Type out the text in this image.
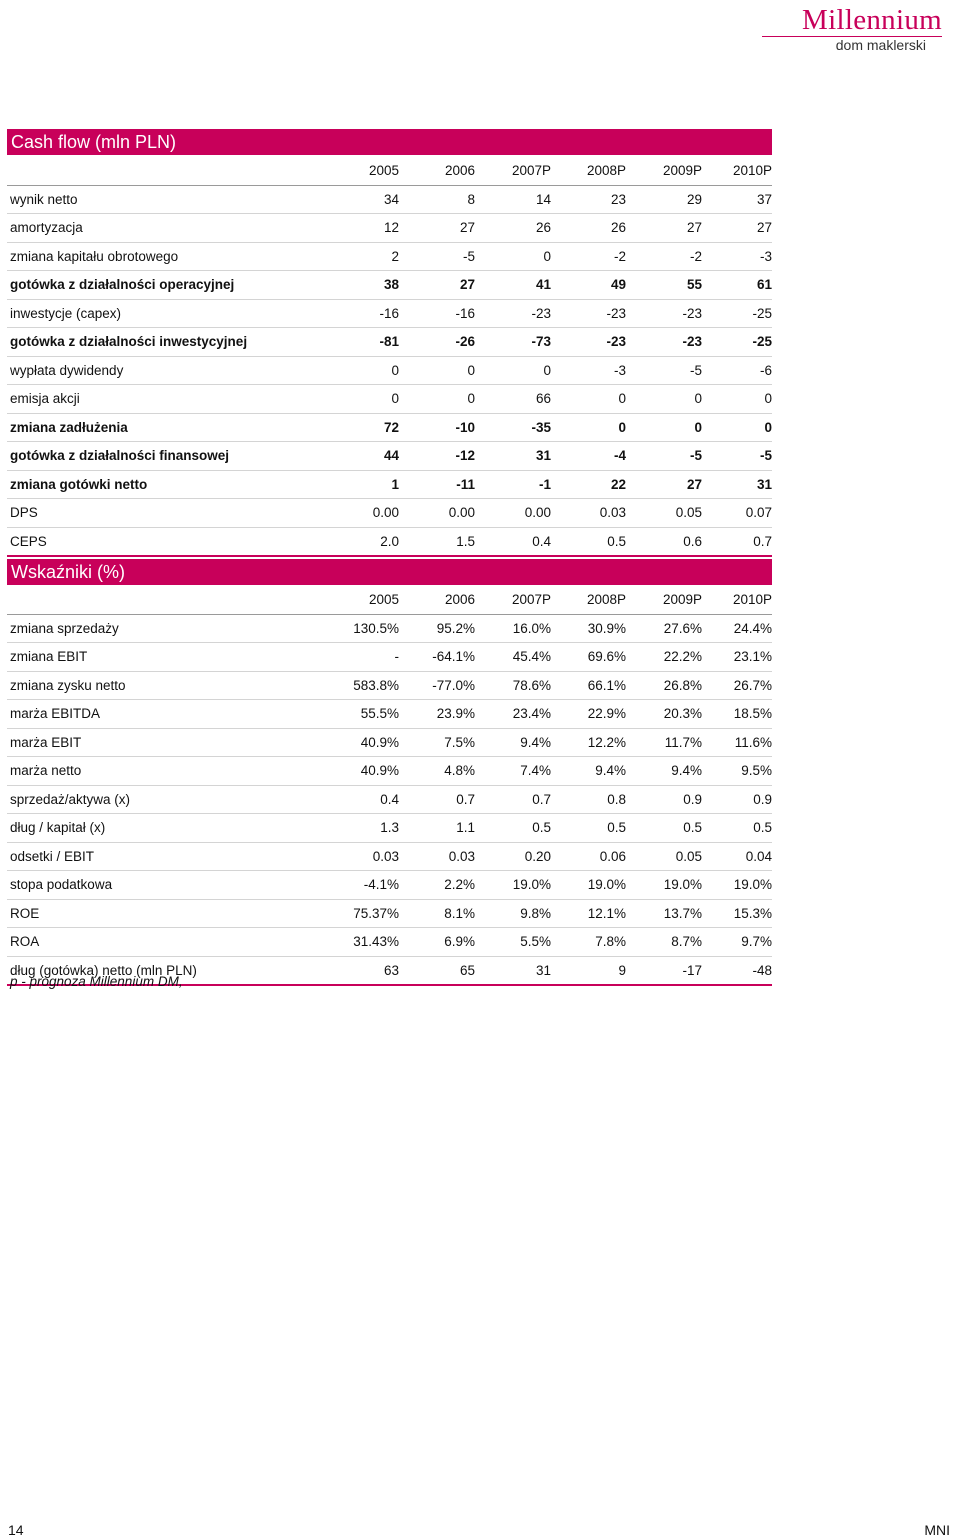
Millennium
dom maklerski
Cash flow (mln PLN)
	2005	2006	2007P	2008P	2009P	2010P
wynik netto	34	8	14	23	29	37
amortyzacja	12	27	26	26	27	27
zmiana kapitału obrotowego	2	-5	0	-2	-2	-3
gotówka z działalności operacyjnej	38	27	41	49	55	61
inwestycje (capex)	-16	-16	-23	-23	-23	-25
gotówka z działalności inwestycyjnej	-81	-26	-73	-23	-23	-25
wypłata dywidendy	0	0	0	-3	-5	-6
emisja akcji	0	0	66	0	0	0
zmiana zadłużenia	72	-10	-35	0	0	0
gotówka z działalności finansowej	44	-12	31	-4	-5	-5
zmiana gotówki netto	1	-11	-1	22	27	31
DPS	0.00	0.00	0.00	0.03	0.05	0.07
CEPS	2.0	1.5	0.4	0.5	0.6	0.7
Wskaźniki (%)
	2005	2006	2007P	2008P	2009P	2010P
zmiana sprzedaży	130.5%	95.2%	16.0%	30.9%	27.6%	24.4%
zmiana EBIT	-	-64.1%	45.4%	69.6%	22.2%	23.1%
zmiana zysku netto	583.8%	-77.0%	78.6%	66.1%	26.8%	26.7%
marża EBITDA	55.5%	23.9%	23.4%	22.9%	20.3%	18.5%
marża EBIT	40.9%	7.5%	9.4%	12.2%	11.7%	11.6%
marża netto	40.9%	4.8%	7.4%	9.4%	9.4%	9.5%
sprzedaż/aktywa (x)	0.4	0.7	0.7	0.8	0.9	0.9
dług / kapitał (x)	1.3	1.1	0.5	0.5	0.5	0.5
odsetki / EBIT	0.03	0.03	0.20	0.06	0.05	0.04
stopa podatkowa	-4.1%	2.2%	19.0%	19.0%	19.0%	19.0%
ROE	75.37%	8.1%	9.8%	12.1%	13.7%	15.3%
ROA	31.43%	6.9%	5.5%	7.8%	8.7%	9.7%
dług (gotówka) netto (mln PLN)	63	65	31	9	-17	-48
p - prognoza Millennium DM,
14	MNI
